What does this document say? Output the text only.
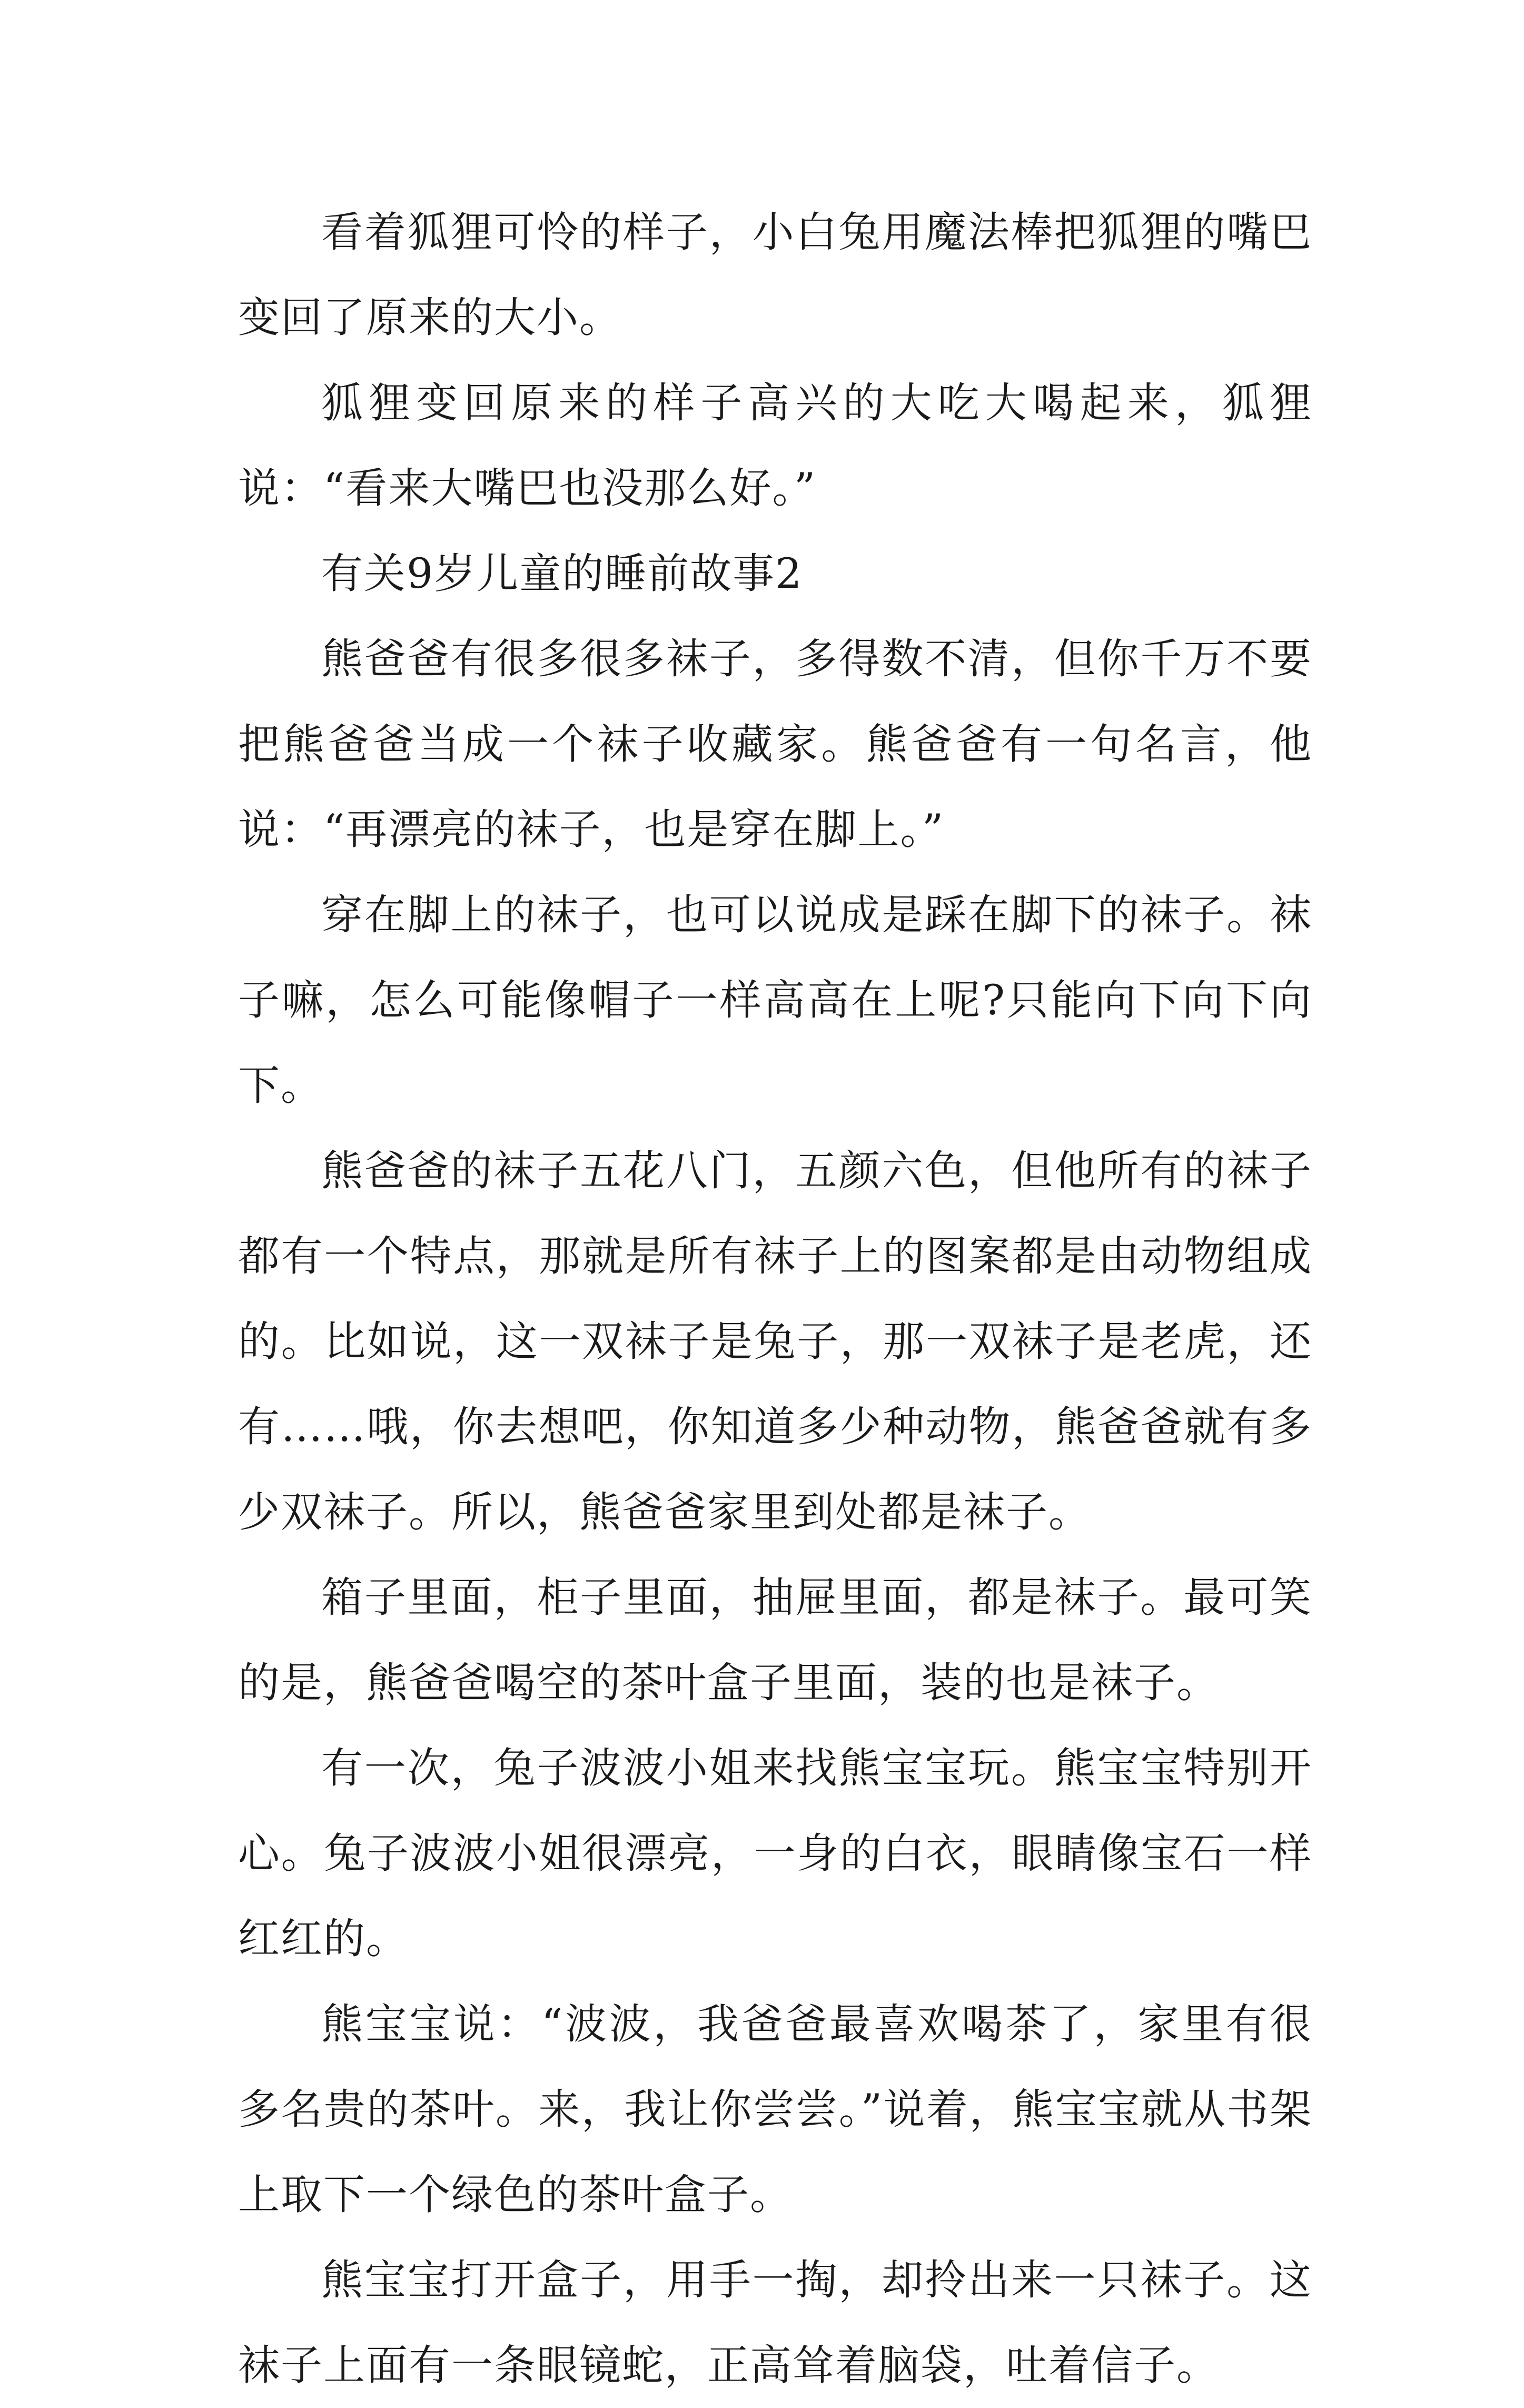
看着狐狸可怜的样子，小白兔用魔法棒把狐狸的嘴巴变回了原来的大小。

狐狸变回原来的样子高兴的大吃大喝起来，狐狸说：“看来大嘴巴也没那么好。”

有关9岁儿童的睡前故事2

熊爸爸有很多很多袜子，多得数不清，但你千万不要把熊爸爸当成一个袜子收藏家。熊爸爸有一句名言，他说：“再漂亮的袜子，也是穿在脚上。”

穿在脚上的袜子，也可以说成是踩在脚下的袜子。袜子嘛，怎么可能像帽子一样高高在上呢?只能向下向下向下。

熊爸爸的袜子五花八门，五颜六色，但他所有的袜子都有一个特点，那就是所有袜子上的图案都是由动物组成的。比如说，这一双袜子是兔子，那一双袜子是老虎，还有……哦，你去想吧，你知道多少种动物，熊爸爸就有多少双袜子。所以，熊爸爸家里到处都是袜子。

箱子里面，柜子里面，抽屉里面，都是袜子。最可笑的是，熊爸爸喝空的茶叶盒子里面，装的也是袜子。

有一次，兔子波波小姐来找熊宝宝玩。熊宝宝特别开心。兔子波波小姐很漂亮，一身的白衣，眼睛像宝石一样红红的。

熊宝宝说：“波波，我爸爸最喜欢喝茶了，家里有很多名贵的茶叶。来，我让你尝尝。”说着，熊宝宝就从书架上取下一个绿色的茶叶盒子。

熊宝宝打开盒子，用手一掏，却拎出来一只袜子。这袜子上面有一条眼镜蛇，正高耸着脑袋，吐着信子。
